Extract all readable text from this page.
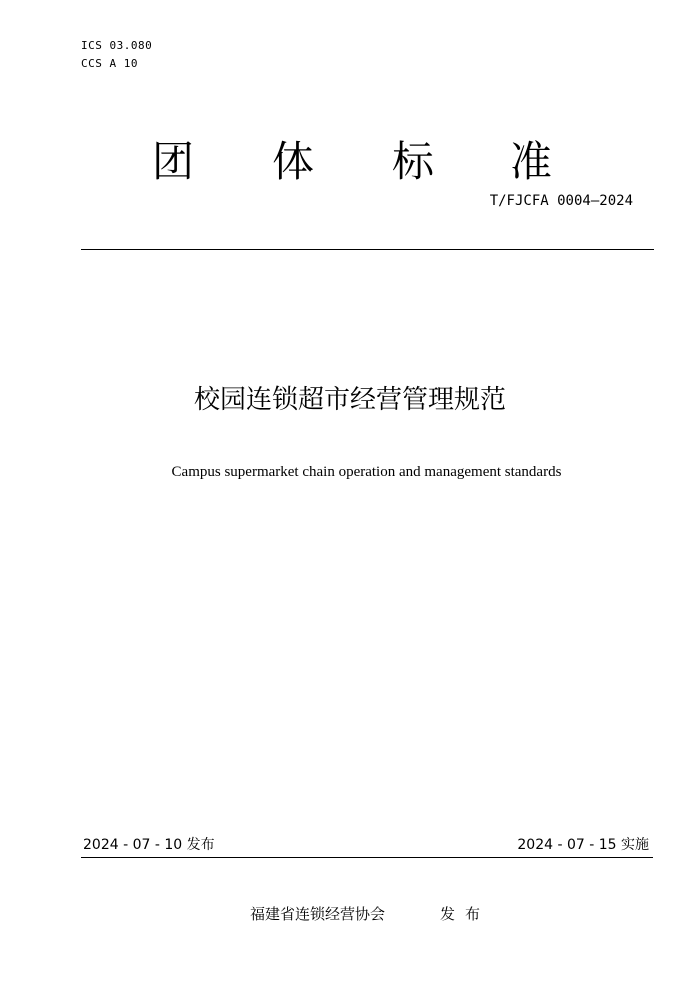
ICS 03.080
CCS A 10
团 体 标 准
T/FJCFA 0004—2024
校园连锁超市经营管理规范
Campus supermarket chain operation and management standards
2024 - 07 - 10 发布	2024 - 07 - 15 实施
福建省连锁经营协会	发布
